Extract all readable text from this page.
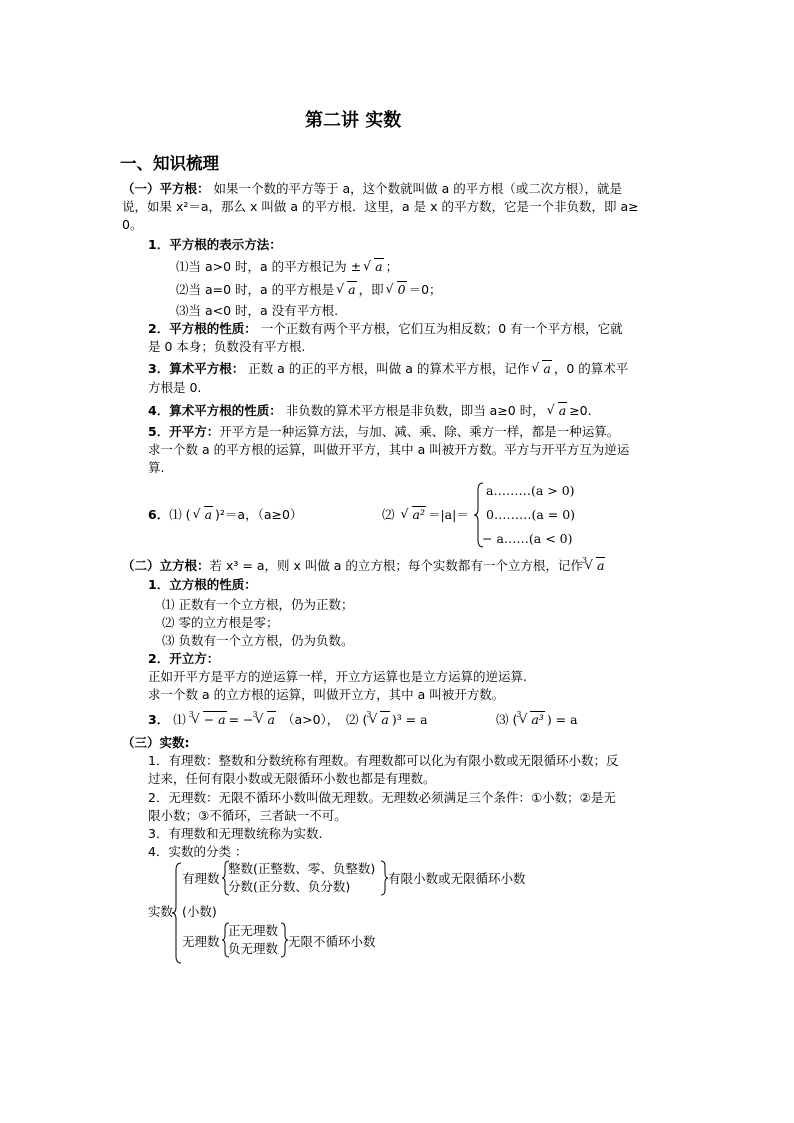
第二讲 实数
一、知识梳理
（一）平方根： 如果一个数的平方等于 a，这个数就叫做 a 的平方根（或二次方根），就是
说，如果 x²＝a，那么 x 叫做 a 的平方根．这里，a 是 x 的平方数，它是一个非负数，即 a≥
0。
1．平方根的表示方法：
⑴当 a>0 时，a 的平方根记为 ± √ a ；
⑵当 a=0 时，a 的平方根是 √ a ，即 √ 0 ＝0；
⑶当 a<0 时，a 没有平方根.
2．平方根的性质： 一个正数有两个平方根，它们互为相反数；0 有一个平方根，它就
是 0 本身；负数没有平方根.
3．算术平方根： 正数 a 的正的平方根，叫做 a 的算术平方根，记作 √ a ，0 的算术平
方根是 0.
4．算术平方根的性质： 非负数的算术平方根是非负数，即当 a≥0 时， √ a ≥0.
5．开平方：开平方是一种运算方法，与加、减、乘、除、乘方一样，都是一种运算。
求一个数 a 的平方根的运算，叫做开平方，其中 a 叫被开方数。平方与开平方互为逆运
算.
6．⑴ ( √ a )²＝a，（a≥0）	⑵ √ a² ＝|a|＝
a………(a > 0)
0………(a = 0)
− a……(a < 0)
（二）立方根：若 x³ = a，则 x 叫做 a 的立方根；每个实数都有一个立方根，记作 √ 3 a
1．立方根的性质：
⑴ 正数有一个立方根，仍为正数；
⑵ 零的立方根是零；
⑶ 负数有一个立方根，仍为负数。
2．开立方：
正如开平方是平方的逆运算一样，开立方运算也是立方运算的逆运算.
求一个数 a 的立方根的运算，叫做开立方，其中 a 叫被开方数。
3． ⑴ √ 3 − a = − √ 3 a （a>0）， ⑵ ( √ 3 a )³ = a	⑶ ( √ 3 a³ ) = a
（三）实数:
1．有理数：整数和分数统称有理数。有理数都可以化为有限小数或无限循环小数；反
过来，任何有限小数或无限循环小数也都是有理数。
2．无理数：无限不循环小数叫做无理数。无理数必须满足三个条件：①小数；②是无
限小数；③不循环，三者缺一不可。
3．有理数和无理数统称为实数.
4．实数的分类 ：
实数
有理数
整数(正整数、零、负整数)
分数(正分数、负分数)
有限小数或无限循环小数
(小数)
无理数
正无理数
负无理数 无限不循环小数
